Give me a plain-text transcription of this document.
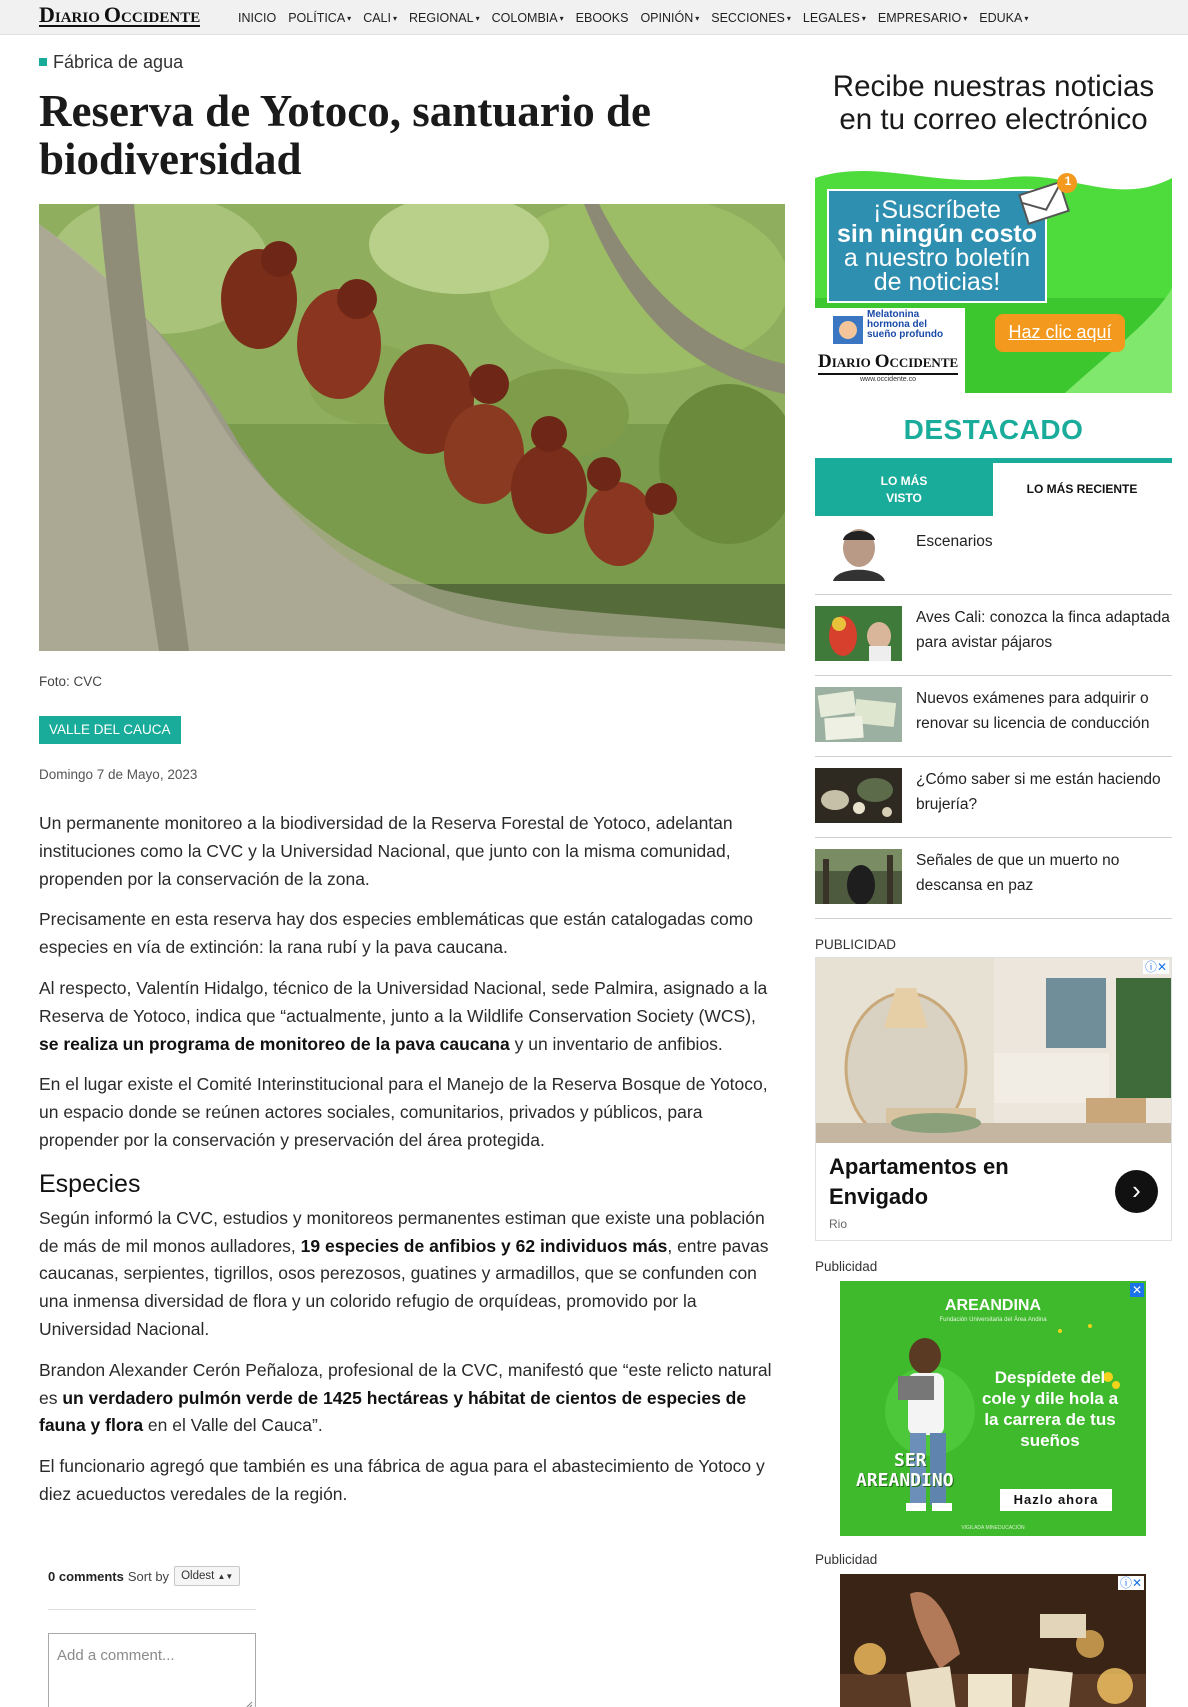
DIARIO OCCIDENTE	INICIO POLÍTICA ▾ CALI ▾ REGIONAL ▾ COLOMBIA ▾ EBOOKS OPINIÓN ▾ SECCIONES ▾ LEGALES ▾ EMPRESARIO ▾ EDUKA ▾
Fábrica de agua
Reserva de Yotoco, santuario de biodiversidad
Foto: CVC
VALLE DEL CAUCA
Domingo 7 de Mayo, 2023

Un permanente monitoreo a la biodiversidad de la Reserva Forestal de Yotoco, adelantan instituciones como la CVC y la Universidad Nacional, que junto con la misma comunidad, propenden por la conservación de la zona.

Precisamente en esta reserva hay dos especies emblemáticas que están catalogadas como especies en vía de extinción: la rana rubí y la pava caucana.

Al respecto, Valentín Hidalgo, técnico de la Universidad Nacional, sede Palmira, asignado a la Reserva de Yotoco, indica que “actualmente, junto a la Wildlife Conservation Society (WCS), se realiza un programa de monitoreo de la pava caucana y un inventario de anfibios.

En el lugar existe el Comité Interinstitucional para el Manejo de la Reserva Bosque de Yotoco, un espacio donde se reúnen actores sociales, comunitarios, privados y públicos, para propender por la conservación y preservación del área protegida.

Especies

Según informó la CVC, estudios y monitoreos permanentes estiman que existe una población de más de mil monos aulladores, 19 especies de anfibios y 62 individuos más, entre pavas caucanas, serpientes, tigrillos, osos perezosos, guatines y armadillos, que se confunden con una inmensa diversidad de flora y un colorido refugio de orquídeas, promovido por la Universidad Nacional.

Brandon Alexander Cerón Peñaloza, profesional de la CVC, manifestó que “este relicto natural es un verdadero pulmón verde de 1425 hectáreas y hábitat de cientos de especies de fauna y flora en el Valle del Cauca”.

El funcionario agregó que también es una fábrica de agua para el abastecimiento de Yotoco y diez acueductos veredales de la región.

0 comments Sort by	Oldest ▲▼
Add a comment...
Recibe nuestras noticias en tu correo electrónico
¡Suscríbete
sin ningún costo
a nuestro boletín
de noticias!
1
Melatonina
hormona del
sueño profundo
DIARIO OCCIDENTE
www.occidente.co
Haz clic aquí
DESTACADO
LO MÁS VISTO
LO MÁS RECIENTE
Escenarios
Aves Cali: conozca la finca adaptada para avistar pájaros
Nuevos exámenes para adquirir o renovar su licencia de conducción
¿Cómo saber si me están haciendo brujería?
Señales de que un muerto no descansa en paz
PUBLICIDAD
ⓘ✕
Apartamentos en Envigado
Rio
›
Publicidad
✕
AREANDINA
Fundación Universitaria del Área Andina
Despídete del cole y dile hola a la carrera de tus sueños
Hazlo ahora
SER
AREANDINO
VIGILADA MINEDUCACIÓN
Publicidad
ⓘ✕
